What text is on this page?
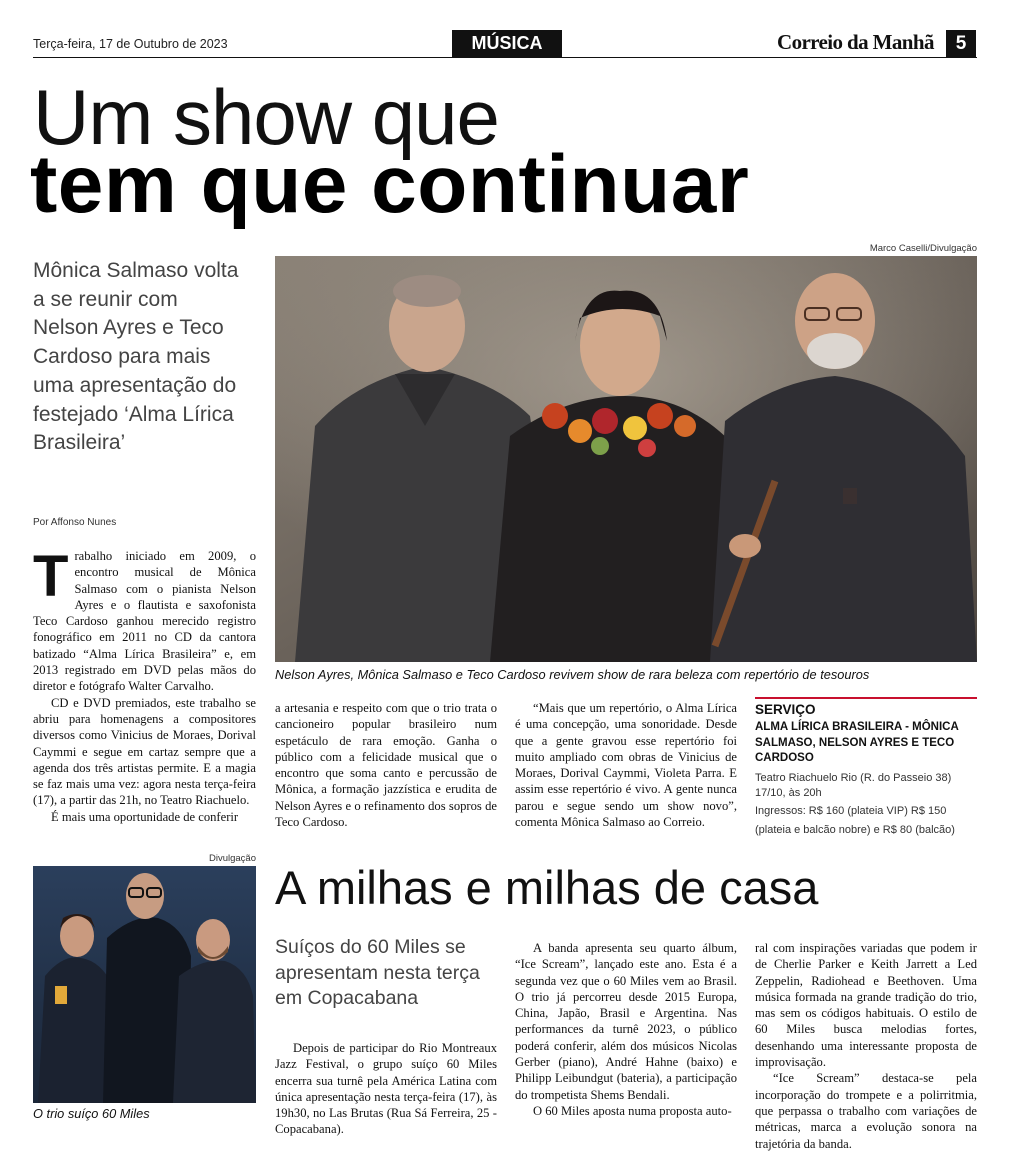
Terça-feira, 17 de Outubro de 2023	MÚSICA	Correio da Manhã	5
Um show que
tem que continuar
Marco Caselli/Divulgação
Nelson Ayres, Mônica Salmaso e Teco Cardoso revivem show de rara beleza com repertório de tesouros
Mônica Salmaso volta a se reunir com Nelson Ayres e Teco Cardoso para mais uma apresentação do festejado ‘Alma Lírica Brasileira’
Por Affonso Nunes
T rabalho iniciado em 2009, o encontro musical de Mônica Salmaso com o pianista Nelson Ayres e o flautista e saxofonista Teco Cardoso ganhou merecido registro fonográfico em 2011 no CD da cantora batizado “Alma Lírica Brasileira” e, em 2013 registrado em DVD pelas mãos do diretor e fotógrafo Walter Carvalho.

CD e DVD premiados, este trabalho se abriu para homenagens a compositores diversos como Vinicius de Moraes, Dorival Caymmi e segue em cartaz sempre que a agenda dos três artistas permite. E a magia se faz mais uma vez: agora nesta terça-feira (17), a partir das 21h, no Teatro Riachuelo.

É mais uma oportunidade de conferir

a artesania e respeito com que o trio trata o cancioneiro popular brasileiro num espetáculo de rara emoção. Ganha o público com a felicidade musical que o encontro que soma canto e percussão de Mônica, a formação jazzística e erudita de Nelson Ayres e o refinamento dos sopros de Teco Cardoso.

“Mais que um repertório, o Alma Lírica é uma concepção, uma sonoridade. Desde que a gente gravou esse repertório foi muito ampliado com obras de Vinicius de Moraes, Dorival Caymmi, Violeta Parra. E assim esse repertório é vivo. A gente nunca parou e segue sendo um show novo”, comenta Mônica Salmaso ao Correio.

SERVIÇO
ALMA LÍRICA BRASILEIRA - MÔNICA SALMASO, NELSON AYRES E TECO CARDOSO
Teatro Riachuelo Rio (R. do Passeio 38)
17/10, às 20h
Ingressos: R$ 160 (plateia VIP) R$ 150 (plateia e balcão nobre) e R$ 80 (balcão)
Divulgação
O trio suíço 60 Miles
A milhas e milhas de casa
Suíços do 60 Miles se apresentam nesta terça em Copacabana

Depois de participar do Rio Montreaux Jazz Festival, o grupo suíço 60 Miles encerra sua turnê pela América Latina com única apresentação nesta terça-feira (17), às 19h30, no Las Brutas (Rua Sá Ferreira, 25 - Copacabana).

A banda apresenta seu quarto álbum, “Ice Scream”, lançado este ano. Esta é a segunda vez que o 60 Miles vem ao Brasil. O trio já percorreu desde 2015 Europa, China, Japão, Brasil e Argentina. Nas performances da turnê 2023, o público poderá conferir, além dos músicos Nicolas Gerber (piano), André Hahne (baixo) e Philipp Leibundgut (bateria), a participação do trompetista Shems Bendali.

O 60 Miles aposta numa proposta auto-

ral com inspirações variadas que podem ir de Cherlie Parker e Keith Jarrett a Led Zeppelin, Radiohead e Beethoven. Uma música formada na grande tradição do trio, mas sem os códigos habituais. O estilo de 60 Miles busca melodias fortes, desenhando uma interessante proposta de improvisação.

“Ice Scream” destaca-se pela incorporação do trompete e a polirritmia, que perpassa o trabalho com variações de métricas, marca a evolução sonora na trajetória da banda.
